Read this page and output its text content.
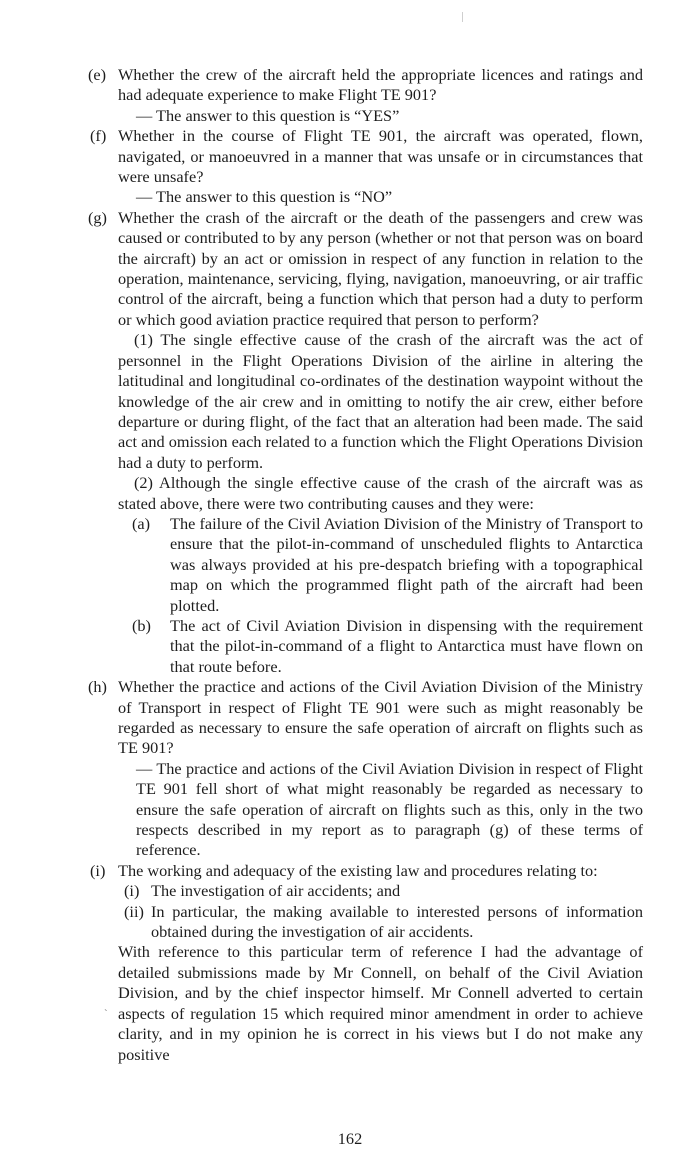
(e) Whether the crew of the aircraft held the appropriate licences and ratings and had adequate experience to make Flight TE 901?
— The answer to this question is “YES”
(f) Whether in the course of Flight TE 901, the aircraft was operated, flown, navigated, or manoeuvred in a manner that was unsafe or in circumstances that were unsafe?
— The answer to this question is “NO”
(g) Whether the crash of the aircraft or the death of the passengers and crew was caused or contributed to by any person (whether or not that person was on board the aircraft) by an act or omission in respect of any function in relation to the operation, maintenance, servicing, flying, navigation, manoeuvring, or air traffic control of the aircraft, being a function which that person had a duty to perform or which good aviation practice required that person to perform?
(1) The single effective cause of the crash of the aircraft was the act of personnel in the Flight Operations Division of the airline in altering the latitudinal and longitudinal co-ordinates of the destination waypoint without the knowledge of the air crew and in omitting to notify the air crew, either before departure or during flight, of the fact that an alteration had been made. The said act and omission each related to a function which the Flight Operations Division had a duty to perform.
(2) Although the single effective cause of the crash of the aircraft was as stated above, there were two contributing causes and they were:
(a) The failure of the Civil Aviation Division of the Ministry of Transport to ensure that the pilot-in-command of unscheduled flights to Antarctica was always provided at his pre-despatch briefing with a topographical map on which the programmed flight path of the aircraft had been plotted.
(b) The act of Civil Aviation Division in dispensing with the requirement that the pilot-in-command of a flight to Antarctica must have flown on that route before.
(h) Whether the practice and actions of the Civil Aviation Division of the Ministry of Transport in respect of Flight TE 901 were such as might reasonably be regarded as necessary to ensure the safe operation of aircraft on flights such as TE 901?
— The practice and actions of the Civil Aviation Division in respect of Flight TE 901 fell short of what might reasonably be regarded as necessary to ensure the safe operation of aircraft on flights such as this, only in the two respects described in my report as to paragraph (g) of these terms of reference.
(i) The working and adequacy of the existing law and procedures relating to:
(i) The investigation of air accidents; and
(ii) In particular, the making available to interested persons of information obtained during the investigation of air accidents.
With reference to this particular term of reference I had the advantage of detailed submissions made by Mr Connell, on behalf of the Civil Aviation Division, and by the chief inspector himself. Mr Connell adverted to certain aspects of regulation 15 which required minor amendment in order to achieve clarity, and in my opinion he is correct in his views but I do not make any positive
`
162
